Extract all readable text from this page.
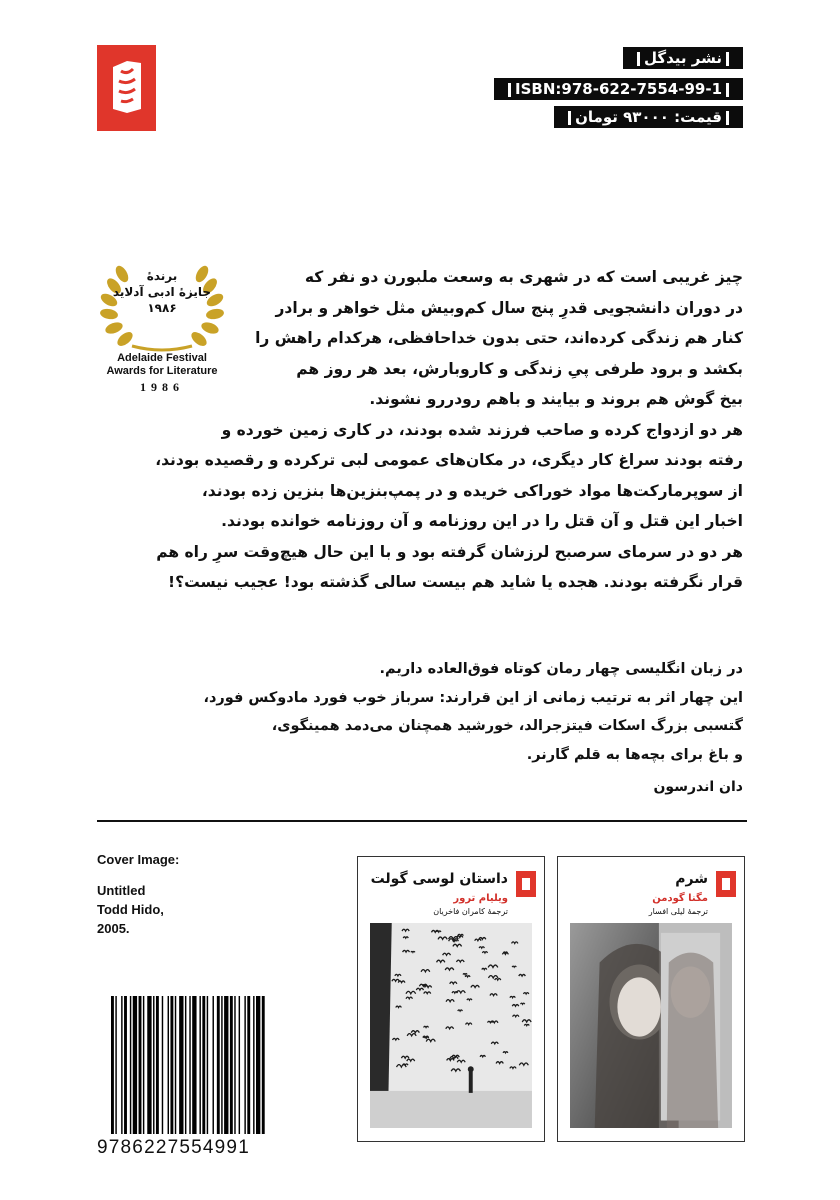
نشر بیدگل
ISBN:978-622-7554-99-1
قیمت: ۹۳۰۰۰ تومان
برندهٔ
جایزهٔ ادبی آدلاید
۱۹۸۶
Adelaide Festival
Awards for Literature
1986

چیز غریبی است که در شهری به وسعت ملبورن دو نفر که

در دوران دانشجویی قدرِ پنج سال کم‌وبیش مثل خواهر و برادر

کنار هم زندگی کرده‌اند، حتی بدون خداحافظی، هرکدام راهش را

بکشد و برود طرفی پیِ زندگی و کاروبارش، بعد هر روز هم

بیخ گوش هم بروند و بیایند و باهم رودررو نشوند.

هر دو ازدواج کرده و صاحب فرزند شده بودند، در کاری زمین خورده و

رفته بودند سراغ کار دیگری، در مکان‌های عمومی لبی ترکرده و رقصیده بودند،

از سوپرمارکت‌ها مواد خوراکی خریده و در پمپ‌بنزین‌ها بنزین زده بودند،

اخبار این قتل و آن قتل را در این روزنامه و آن روزنامه خوانده بودند.

هر دو در سرمای سرصبح لرزشان گرفته بود و با این حال هیچ‌وقت سرِ راه هم

قرار نگرفته بودند. هجده یا شاید هم بیست سالی گذشته بود! عجیب نیست؟!

در زبان انگلیسی چهار رمان کوتاه فوق‌العاده داریم.

این چهار اثر به ترتیب زمانی از این قرارند: سرباز خوب فورد مادوکس فورد،

گتسبی بزرگ اسکات فیتزجرالد، خورشید همچنان می‌دمد همینگوی،

و باغ برای بچه‌ها به قلم گارنر.

دان اندرسون

Cover Image:
Untitled
Todd Hido,
2005.
9786227554991
شرم
مگنا گودمن
ترجمهٔ لیلی افسار
داستان لوسی گولت
ویلیام ترور
ترجمهٔ کامران فاخریان
